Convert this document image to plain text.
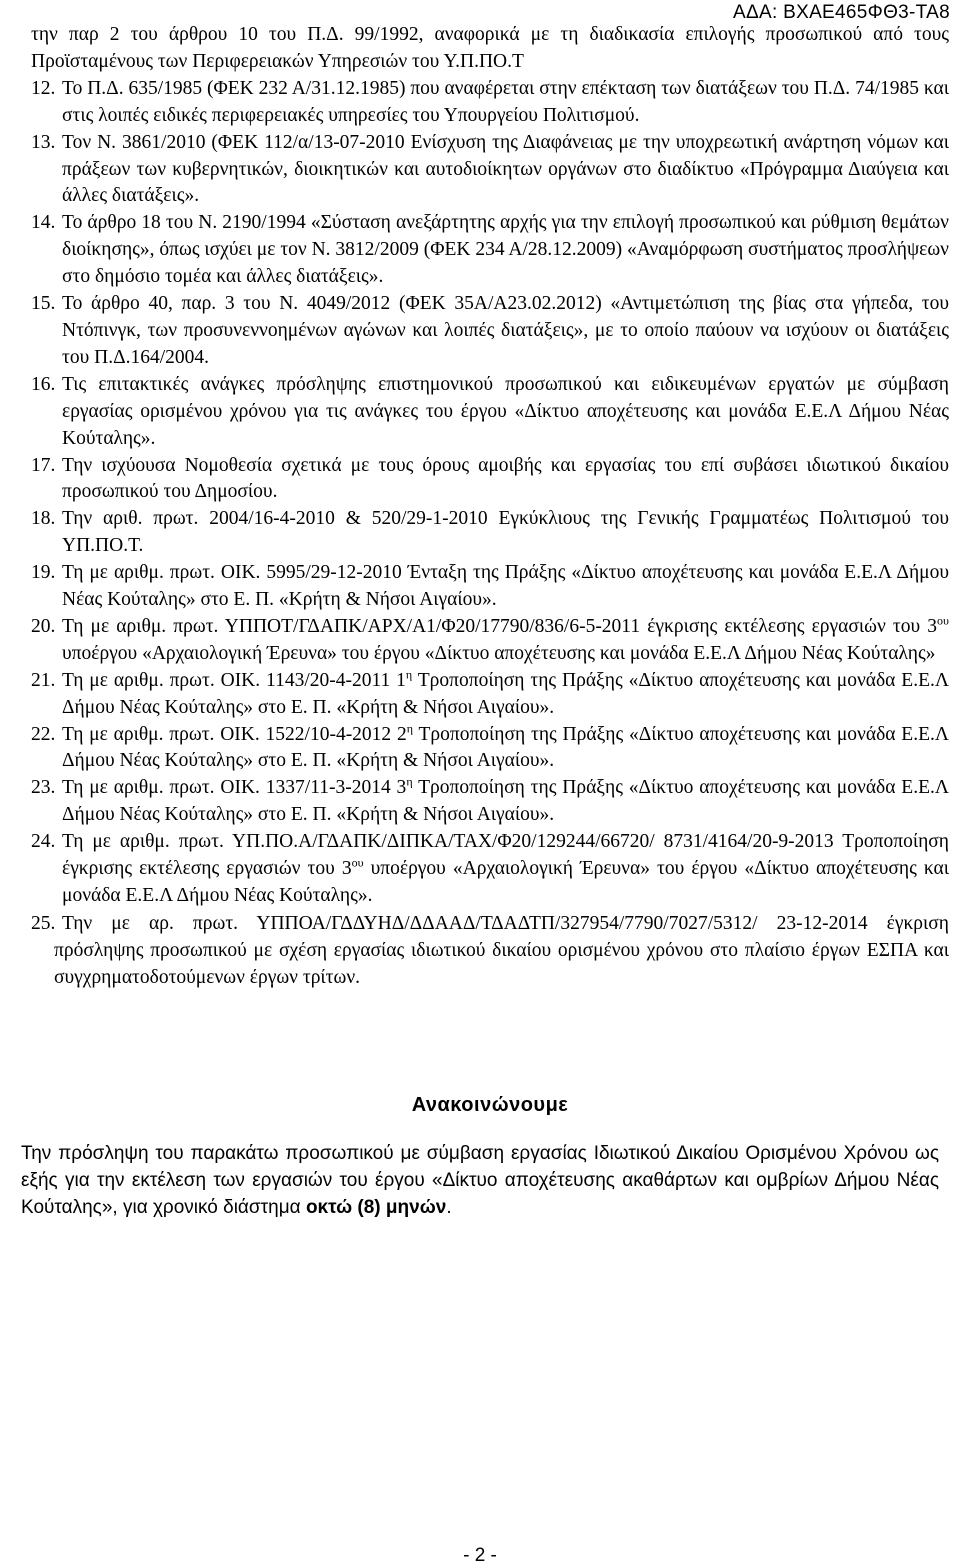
ΑΔΑ: ΒΧΑΕ465ΦΘ3-ΤΑ8
την παρ 2 του άρθρου 10 του Π.Δ. 99/1992, αναφορικά με τη διαδικασία επιλογής προσωπικού από τους Προϊσταμένους των Περιφερειακών Υπηρεσιών του Υ.Π.ΠΟ.Τ
12. Το Π.Δ. 635/1985 (ΦΕΚ 232 Α/31.12.1985) που αναφέρεται στην επέκταση των διατάξεων του Π.Δ. 74/1985 και στις λοιπές ειδικές περιφερειακές υπηρεσίες του Υπουργείου Πολιτισμού.
13. Τον Ν. 3861/2010 (ΦΕΚ 112/α/13-07-2010 Ενίσχυση της Διαφάνειας με την υποχρεωτική ανάρτηση νόμων και πράξεων των κυβερνητικών, διοικητικών και αυτοδιοίκητων οργάνων στο διαδίκτυο «Πρόγραμμα Διαύγεια και άλλες διατάξεις».
14. Το άρθρο 18 του Ν. 2190/1994 «Σύσταση ανεξάρτητης αρχής για την επιλογή προσωπικού και ρύθμιση θεμάτων διοίκησης», όπως ισχύει με τον Ν. 3812/2009 (ΦΕΚ 234 Α/28.12.2009) «Αναμόρφωση συστήματος προσλήψεων στο δημόσιο τομέα και άλλες διατάξεις».
15. Το άρθρο 40, παρ. 3 του Ν. 4049/2012 (ΦΕΚ 35Α/Α23.02.2012) «Αντιμετώπιση της βίας στα γήπεδα, του Ντόπινγκ, των προσυνεννοημένων αγώνων και λοιπές διατάξεις», με το οποίο παύουν να ισχύουν οι διατάξεις του Π.Δ.164/2004.
16. Τις επιτακτικές ανάγκες πρόσληψης επιστημονικού προσωπικού και ειδικευμένων εργατών με σύμβαση εργασίας ορισμένου χρόνου για τις ανάγκες του έργου «Δίκτυο αποχέτευσης και μονάδα Ε.Ε.Λ Δήμου Νέας Κούταλης».
17. Την ισχύουσα Νομοθεσία σχετικά με τους όρους αμοιβής και εργασίας του επί συβάσει ιδιωτικού δικαίου προσωπικού του Δημοσίου.
18. Την αριθ. πρωτ. 2004/16-4-2010 & 520/29-1-2010 Εγκύκλιους της Γενικής Γραμματέως Πολιτισμού του ΥΠ.ΠΟ.Τ.
19. Τη με αριθμ. πρωτ. ΟΙΚ. 5995/29-12-2010 Ένταξη της Πράξης «Δίκτυο αποχέτευσης και μονάδα Ε.Ε.Λ Δήμου Νέας Κούταλης» στο Ε. Π. «Κρήτη & Νήσοι Αιγαίου».
20. Τη με αριθμ. πρωτ. ΥΠΠΟΤ/ΓΔΑΠΚ/ΑΡΧ/Α1/Φ20/17790/836/6-5-2011 έγκρισης εκτέλεσης εργασιών του $3^{o\upsilon}$ υποέργου «Αρχαιολογική Έρευνα» του έργου «Δίκτυο αποχέτευσης και μονάδα Ε.Ε.Λ Δήμου Νέας Κούταλης»
21. Τη με αριθμ. πρωτ. ΟΙΚ. 1143/20-4-2011 $1^\eta$ Τροποποίηση της Πράξης «Δίκτυο αποχέτευσης και μονάδα Ε.Ε.Λ Δήμου Νέας Κούταλης» στο Ε. Π. «Κρήτη & Νήσοι Αιγαίου».
22. Τη με αριθμ. πρωτ. ΟΙΚ. 1522/10-4-2012 $2^\eta$ Τροποποίηση της Πράξης «Δίκτυο αποχέτευσης και μονάδα Ε.Ε.Λ Δήμου Νέας Κούταλης» στο Ε. Π. «Κρήτη & Νήσοι Αιγαίου».
23. Τη με αριθμ. πρωτ. ΟΙΚ. 1337/11-3-2014 $3^\eta$ Τροποποίηση της Πράξης «Δίκτυο αποχέτευσης και μονάδα Ε.Ε.Λ Δήμου Νέας Κούταλης» στο Ε. Π. «Κρήτη & Νήσοι Αιγαίου».
24. Τη με αριθμ. πρωτ. ΥΠ.ΠΟ.Α/ΓΔΑΠΚ/ΔΙΠΚΑ/ΤΑΧ/Φ20/129244/66720/ 8731/4164/20-9-2013 Τροποποίηση έγκρισης εκτέλεσης εργασιών του $3^{o\upsilon}$ υποέργου «Αρχαιολογική Έρευνα» του έργου «Δίκτυο αποχέτευσης και μονάδα Ε.Ε.Λ Δήμου Νέας Κούταλης».
25. Την με αρ. πρωτ. ΥΠΠΟΑ/ΓΔΔΥΗΔ/ΔΔΑΑΔ/ΤΔΑΔΤΠ/327954/7790/7027/5312/ 23-12-2014 έγκριση πρόσληψης προσωπικού με σχέση εργασίας ιδιωτικού δικαίου ορισμένου χρόνου στο πλαίσιο έργων ΕΣΠΑ και συγχρηματοδοτούμενων έργων τρίτων.
Ανακοινώνουμε
Την πρόσληψη του παρακάτω προσωπικού με σύμβαση εργασίας Ιδιωτικού Δικαίου Ορισμένου Χρόνου ως εξής για την εκτέλεση των εργασιών του έργου «Δίκτυο αποχέτευσης ακαθάρτων και ομβρίων Δήμου Νέας Κούταλης», για χρονικό διάστημα οκτώ (8) μηνών.
- 2 -
